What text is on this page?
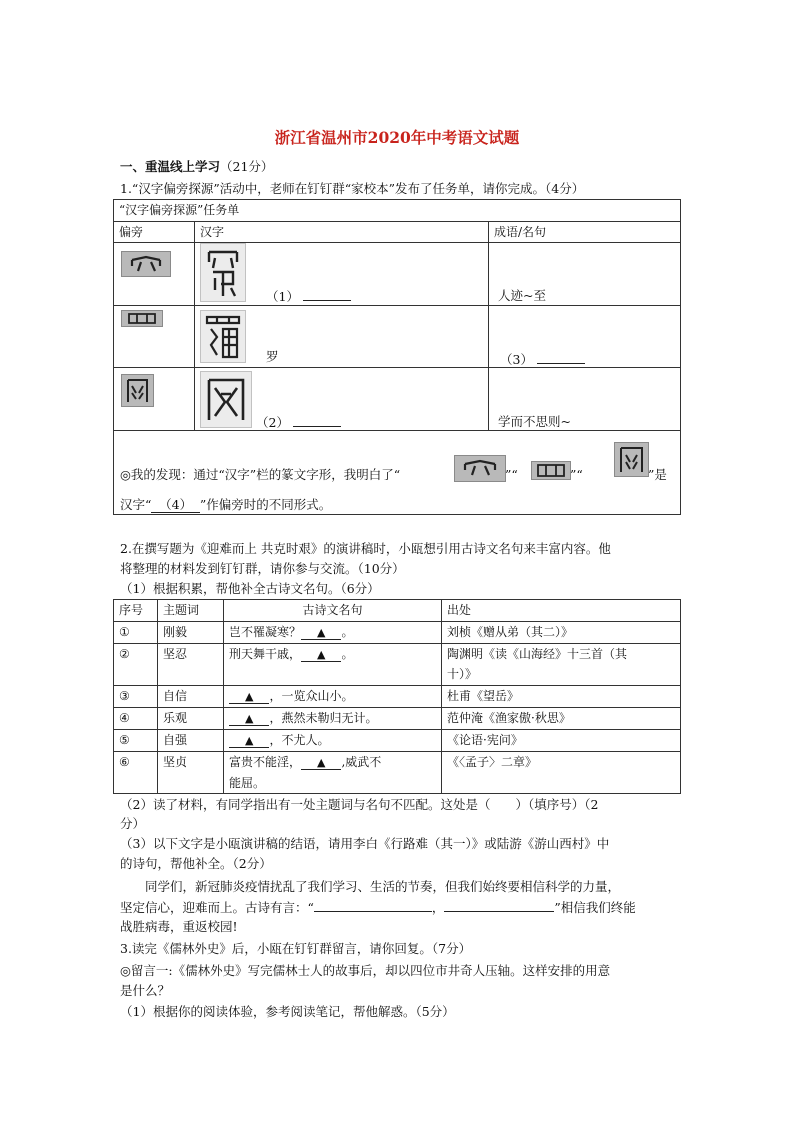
浙江省温州市2020年中考语文试题
一、重温线上学习（21分）
1.“汉字偏旁探源”活动中，老师在钉钉群“家校本”发布了任务单，请你完成。（4分）
“汉字偏旁探源”任务单		
偏旁	汉字	成语/名句

（1）	人迹~至
罗	（3）
（2）	学而不思则~
◎我的发现：通过“汉字”栏的篆文字形，我明白了“	”“	”“	”是
汉字“ （4） ”作偏旁时的不同形式。
2.在撰写题为《迎难而上 共克时艰》的演讲稿时，小瓯想引用古诗文名句来丰富内容。他
将整理的材料发到钉钉群，请你参与交流。（10分）
（1）根据积累，帮他补全古诗文名句。（6分）
序号	主题词	古诗文名句	出处
①	刚毅	岂不罹凝寒？ ▲ 。	刘桢《赠从弟（其二）》
②	坚忍	刑天舞干戚， ▲ 。	陶渊明《读《山海经》十三首（其
十）》

③	自信	▲ ，一览众山小。	杜甫《望岳》
④	乐观	▲ ，燕然未勒归无计。	范仲淹《渔家傲·秋思》
⑤	自强	▲ ，不尤人。	《论语·宪问》
⑥	坚贞	富贵不能淫， ▲ ,威武不
能屈。	《〈孟子〉二章》
（2）读了材料，有同学指出有一处主题词与名句不匹配。这处是（　　）（填序号）（2
分）
（3）以下文字是小瓯演讲稿的结语，请用李白《行路难（其一）》或陆游《游山西村》中
的诗句，帮他补全。（2分）
同学们，新冠肺炎疫情扰乱了我们学习、生活的节奏，但我们始终要相信科学的力量，
坚定信心，迎难而上。古诗有言：“	，	”相信我们终能
战胜病毒，重返校园!
3.读完《儒林外史》后，小瓯在钉钉群留言，请你回复。（7分）
◎留言一:《儒林外史》写完儒林士人的故事后，却以四位市井奇人压轴。这样安排的用意
是什么？
（1）根据你的阅读体验，参考阅读笔记，帮他解惑。（5分）
